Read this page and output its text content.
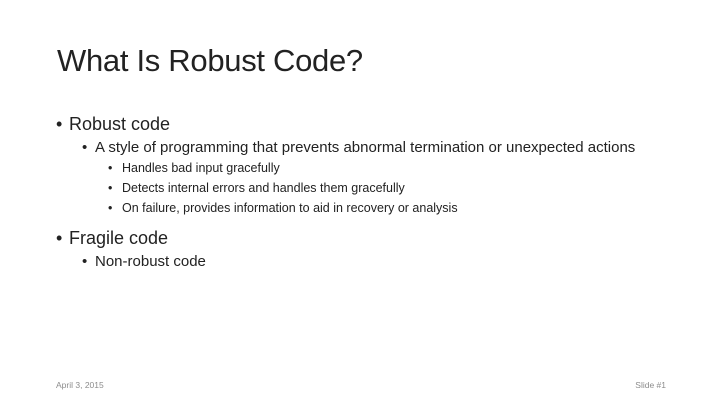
What Is Robust Code?
• Robust code
• A style of programming that prevents abnormal termination or unexpected actions
• Handles bad input gracefully
• Detects internal errors and handles them gracefully
• On failure, provides information to aid in recovery or analysis
• Fragile code
• Non-robust code
April 3, 2015	Slide #1
